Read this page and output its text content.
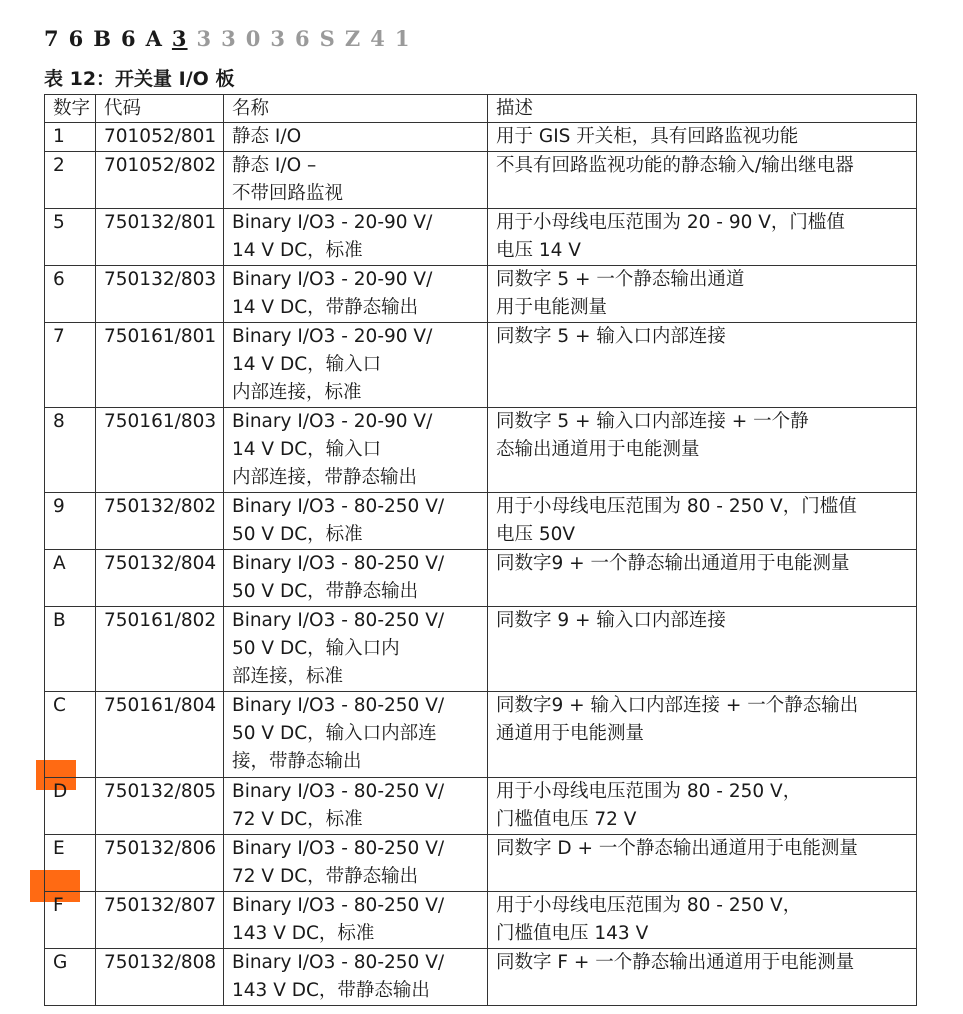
7 6 B 6 A 3 3 3 0 3 6 S Z 4 1
表 12：开关量 I/O 板
数字	代码	名称	描述

1	701052/801	静态 I/O	用于 GIS 开关柜，具有回路监视功能

2	701052/802	静态 I/O –
不带回路监视	不具有回路监视功能的静态输入/输出继电器

5	750132/801	Binary I/O3 - 20-90 V/
14 V DC，标准	用于小母线电压范围为 20 - 90 V，门槛值
电压 14 V

6	750132/803	Binary I/O3 - 20-90 V/
14 V DC，带静态输出	同数字 5 + 一个静态输出通道
用于电能测量

7	750161/801	Binary I/O3 - 20-90 V/
14 V DC，输入口
内部连接，标准	同数字 5 + 输入口内部连接

8	750161/803	Binary I/O3 - 20-90 V/
14 V DC，输入口
内部连接，带静态输出	同数字 5 + 输入口内部连接 + 一个静
态输出通道用于电能测量

9	750132/802	Binary I/O3 - 80-250 V/
50 V DC，标准	用于小母线电压范围为 80 - 250 V，门槛值
电压 50V

A	750132/804	Binary I/O3 - 80-250 V/
50 V DC，带静态输出	同数字9 + 一个静态输出通道用于电能测量

B	750161/802	Binary I/O3 - 80-250 V/
50 V DC，输入口内
部连接，标准	同数字 9 + 输入口内部连接

C	750161/804	Binary I/O3 - 80-250 V/
50 V DC，输入口内部连
接，带静态输出	同数字9 + 输入口内部连接 + 一个静态输出
通道用于电能测量

D	750132/805	Binary I/O3 - 80-250 V/
72 V DC，标准	用于小母线电压范围为 80 - 250 V，
门槛值电压 72 V

E	750132/806	Binary I/O3 - 80-250 V/
72 V DC，带静态输出	同数字 D + 一个静态输出通道用于电能测量

F	750132/807	Binary I/O3 - 80-250 V/
143 V DC，标准	用于小母线电压范围为 80 - 250 V，
门槛值电压 143 V

G	750132/808	Binary I/O3 - 80-250 V/
143 V DC，带静态输出	同数字 F + 一个静态输出通道用于电能测量
